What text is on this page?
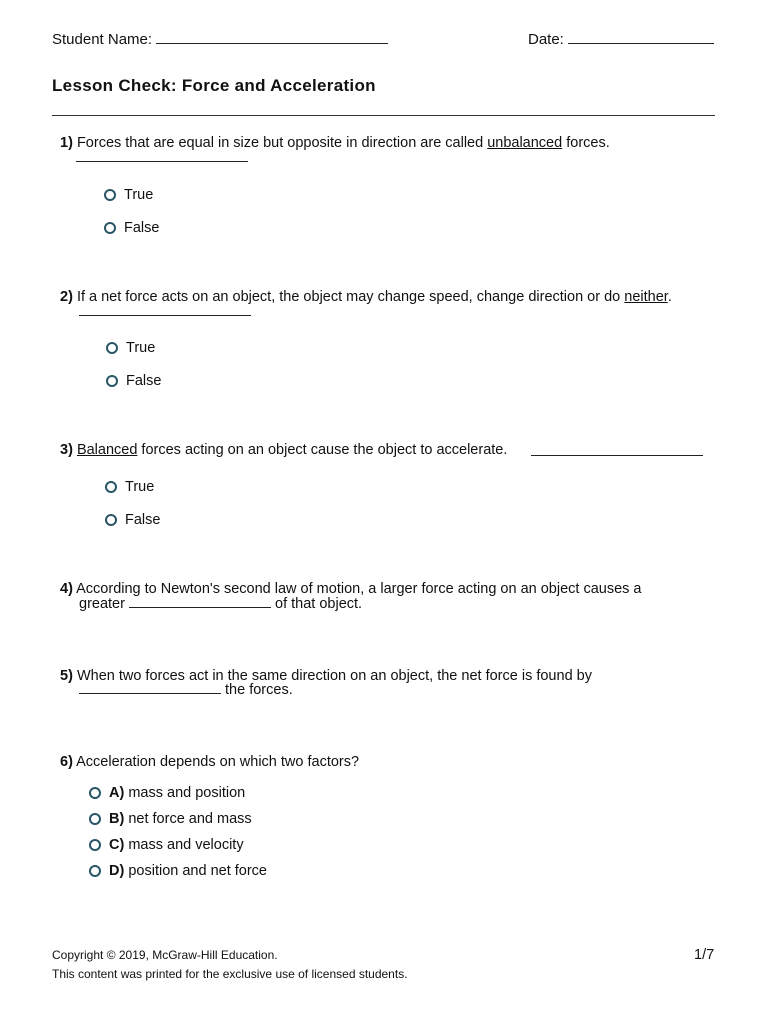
Student Name:	Date:
Lesson Check: Force and Acceleration
1) Forces that are equal in size but opposite in direction are called unbalanced forces.
True
False
2) If a net force acts on an object, the object may change speed, change direction or do neither.
True
False
3) Balanced forces acting on an object cause the object to accelerate.
True
False
4) According to Newton's second law of motion, a larger force acting on an object causes a
greater	of that object.
5) When two forces act in the same direction on an object, the net force is found by
the forces.
6) Acceleration depends on which two factors?
A)
mass and position
B)
net force and mass
C)
mass and velocity
D)
position and net force
Copyright © 2019, McGraw-Hill Education.
This content was printed for the exclusive use of licensed students.
1/7
